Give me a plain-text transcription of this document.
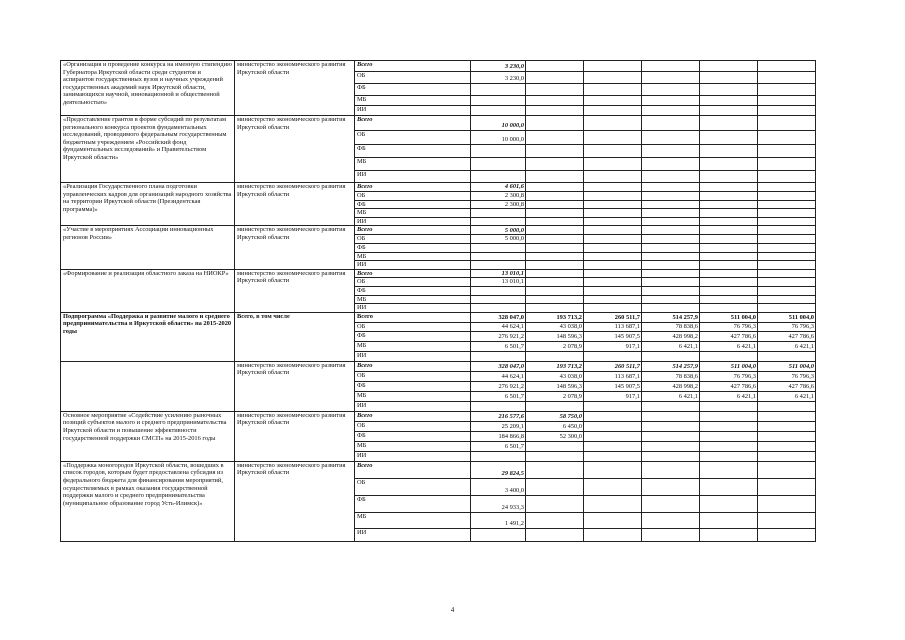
«Организация и проведение конкурса на именную стипендию Губернатора Иркутской области среди студентов и аспирантов государственных вузов и научных учреждений государственных академий наук Иркутской области, занимающихся научной, инновационной и общественной деятельностью»	министерство экономического развития Иркутской области	Всего	3 230,0					
		ОБ	3 230,0					
		ФБ						
		МБ						
		ИИ						
«Предоставление грантов в форме субсидий по результатам регионального конкурса проектов фундаментальных исследований, проводимого федеральным государственным бюджетным учреждением «Российский фонд фундаментальных исследований» и Правительством Иркутской области»	министерство экономического развития Иркутской области	Всего	10 000,0					
		ОБ	10 000,0					
		ФБ						
		МБ						
		ИИ						
«Реализация Государственного плана подготовки управленческих кадров для организаций народного хозяйства на территории Иркутской области (Президентская программа)»	министерство экономического развития Иркутской области	Всего	4 601,6					
		ОБ	2 300,8					
		ФБ	2 300,8					
		МБ						
		ИИ						
«Участие в мероприятиях Ассоциации инновационных регионов России»	министерство экономического развития Иркутской области	Всего	5 000,0					
		ОБ	5 000,0					
		ФБ						
		МБ						
		ИИ						
«Формирование и реализация областного заказа на НИОКР»	министерство экономического развития Иркутской области	Всего	13 010,1					
		ОБ	13 010,1					
		ФБ						
		МБ						
		ИИ						
Подпрограмма «Поддержка и развитие малого и среднего предпринимательства в Иркутской области» на 2015-2020 годы	Всего, в том числе	Всего	328 047,0	193 713,2	260 511,7	514 257,9	511 004,0	511 004,0
		ОБ	44 624,1	43 038,0	113 687,1	78 838,6	76 796,3	76 796,3
		ФБ	276 921,2	148 596,3	145 907,5	428 998,2	427 786,6	427 786,6
		МБ	6 501,7	2 078,9	917,1	6 421,1	6 421,1	6 421,1
		ИИ						
	министерство экономического развития Иркутской области	Всего	328 047,0	193 713,2	260 511,7	514 257,9	511 004,0	511 004,0
		ОБ	44 624,1	43 038,0	113 687,1	78 838,6	76 796,3	76 796,3
		ФБ	276 921,2	148 596,3	145 907,5	428 998,2	427 786,6	427 786,6
		МБ	6 501,7	2 078,9	917,1	6 421,1	6 421,1	6 421,1
		ИИ						
Основное мероприятие «Содействие усилению рыночных позиций субъектов малого и среднего предпринимательства Иркутской области и повышение эффективности государственной поддержки СМСП» на 2015-2016 годы	министерство экономического развития Иркутской области	Всего	216 577,6	58 750,0				
		ОБ	25 209,1	6 450,0				
		ФБ	184 866,8	52 300,0				
		МБ	6 501,7					
		ИИ						
«Поддержка моногородов Иркутской области, вошедших в список городов, которым будет предоставлена субсидия из федерального бюджета для финансирования мероприятий, осуществляемых в рамках оказания государственной поддержки малого и среднего предпринимательства (муниципальное образование город Усть-Илимск)»	министерство экономического развития Иркутской области	Всего	29 824,5					
		ОБ	3 400,0					
		ФБ	24 933,3					
		МБ	1 491,2					
		ИИ						
4
